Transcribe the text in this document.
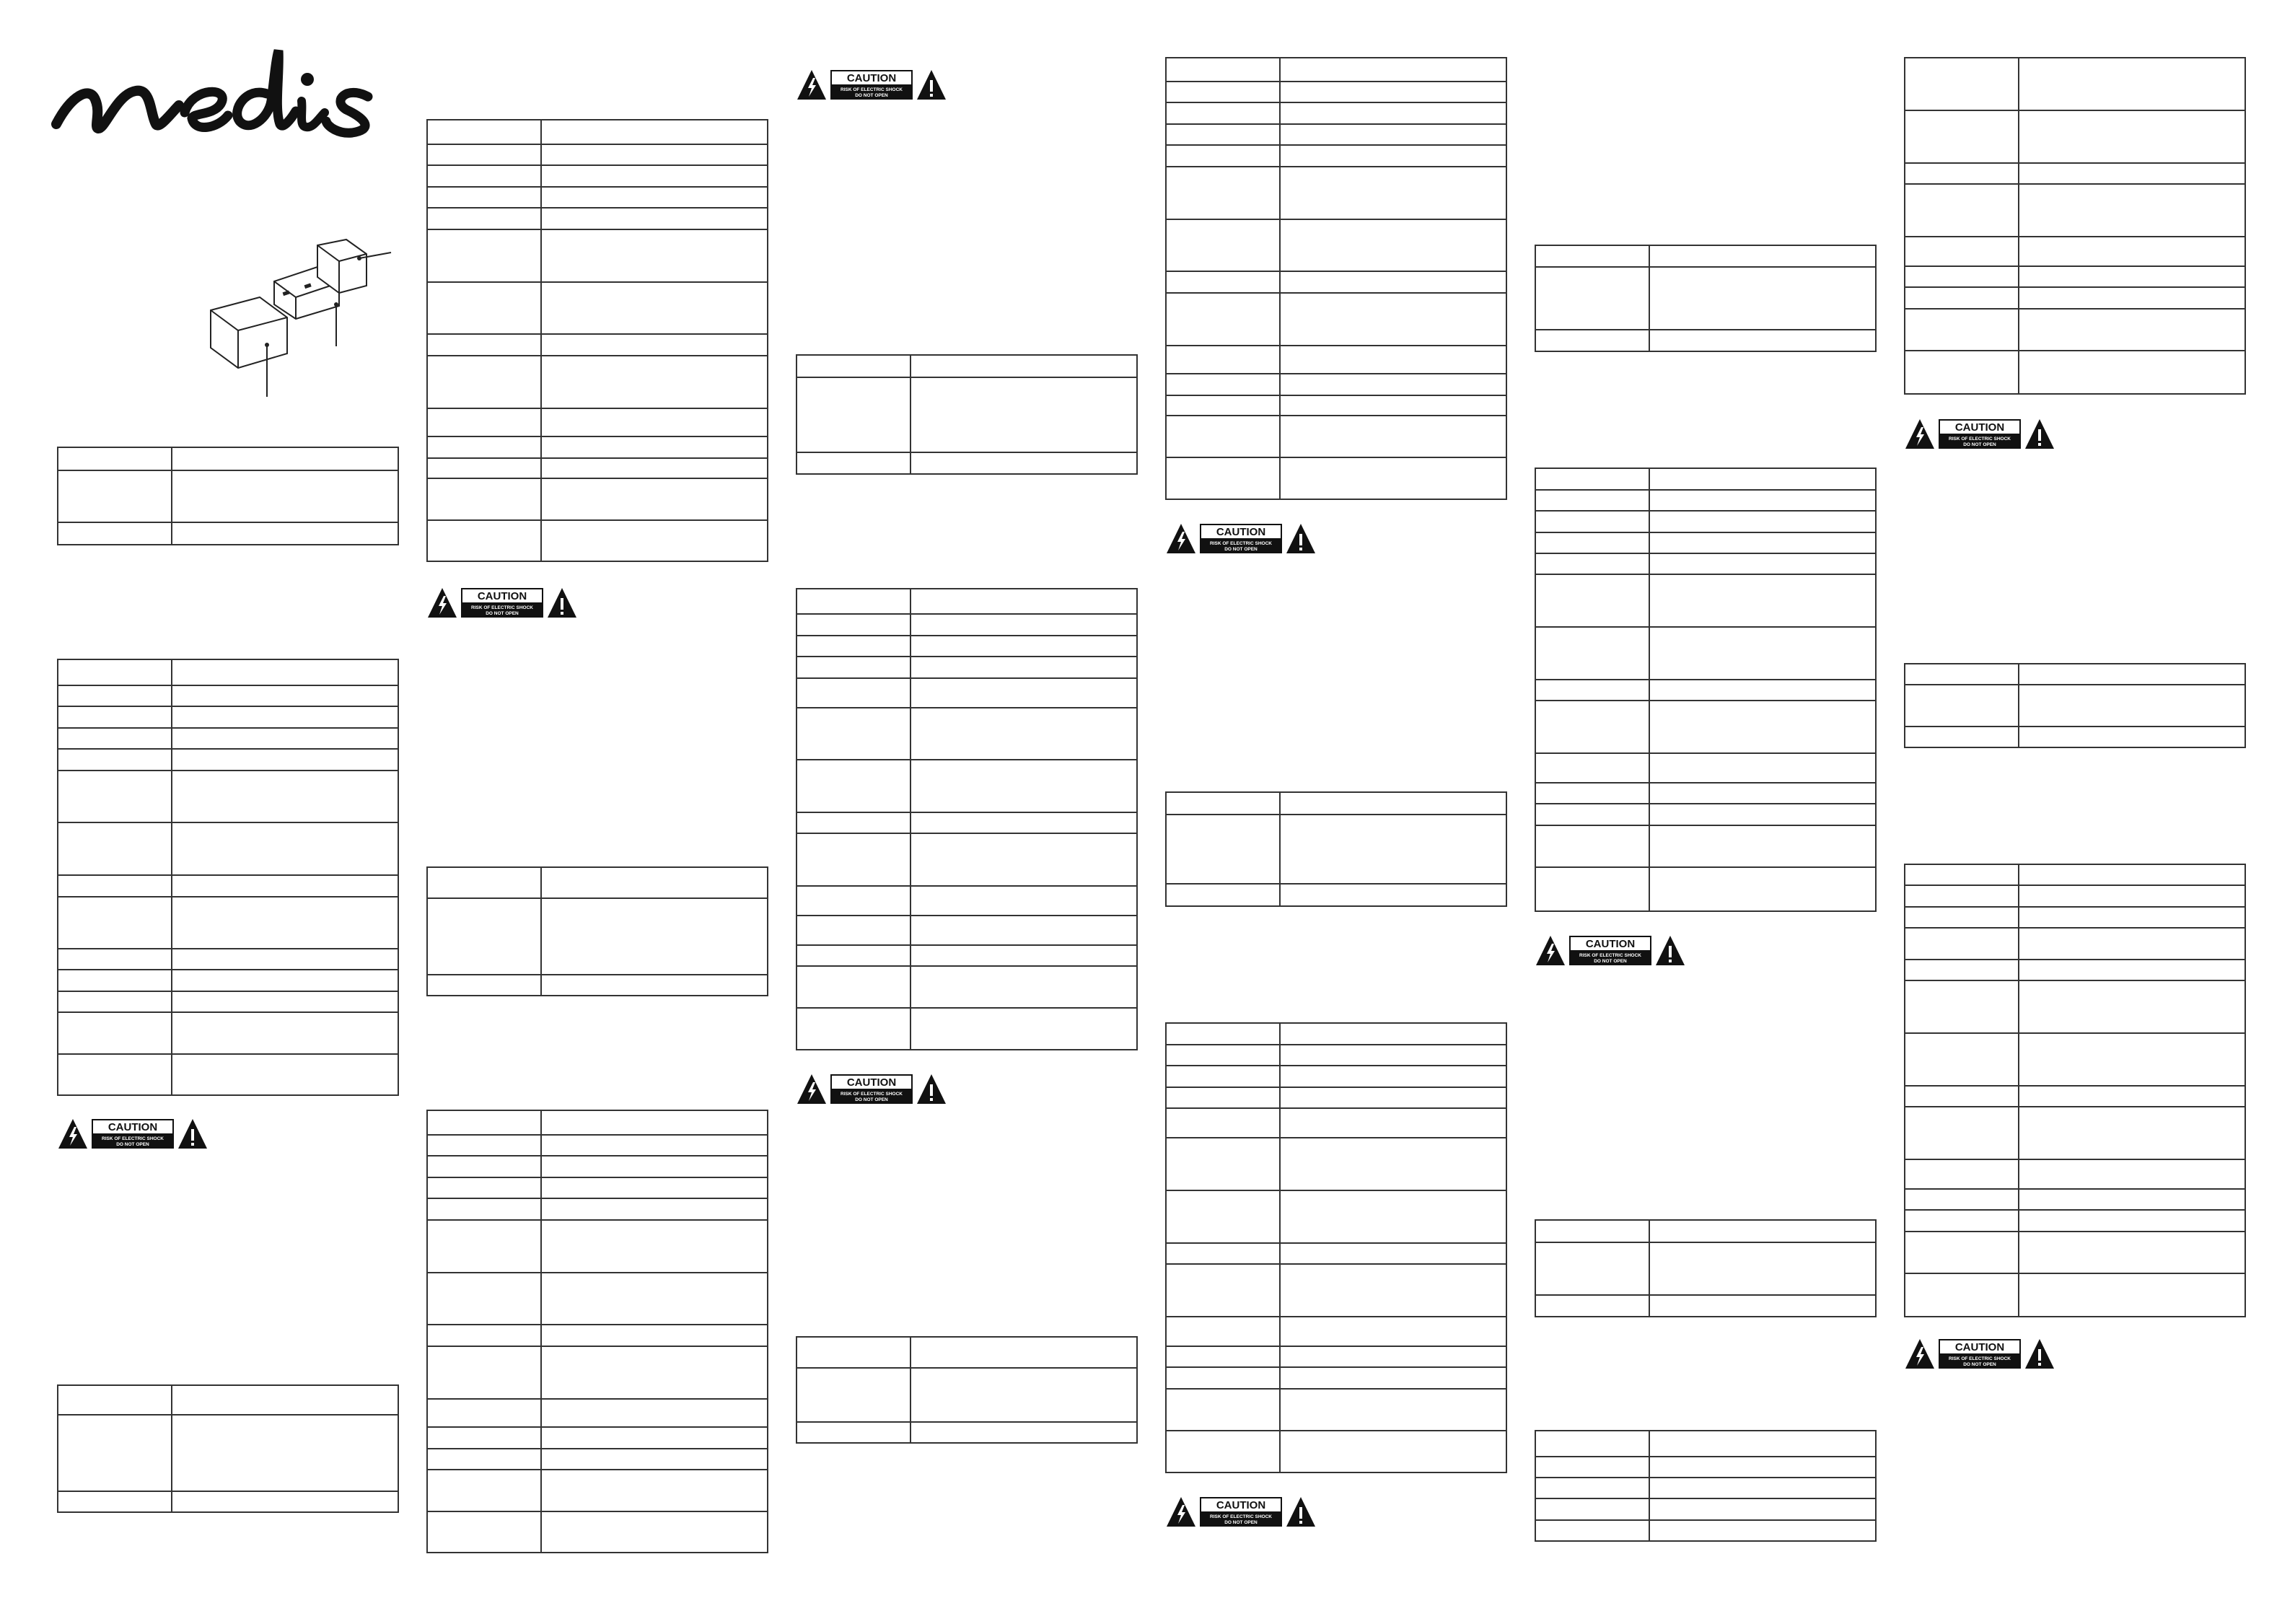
CAUTION
RISK OF ELECTRIC SHOCK
DO NOT OPEN
CAUTION
RISK OF ELECTRIC SHOCK
DO NOT OPEN
CAUTION
RISK OF ELECTRIC SHOCK
DO NOT OPEN
CAUTION
RISK OF ELECTRIC SHOCK
DO NOT OPEN
CAUTION
RISK OF ELECTRIC SHOCK
DO NOT OPEN
CAUTION
RISK OF ELECTRIC SHOCK
DO NOT OPEN
CAUTION
RISK OF ELECTRIC SHOCK
DO NOT OPEN
CAUTION
RISK OF ELECTRIC SHOCK
DO NOT OPEN
CAUTION
RISK OF ELECTRIC SHOCK
DO NOT OPEN
